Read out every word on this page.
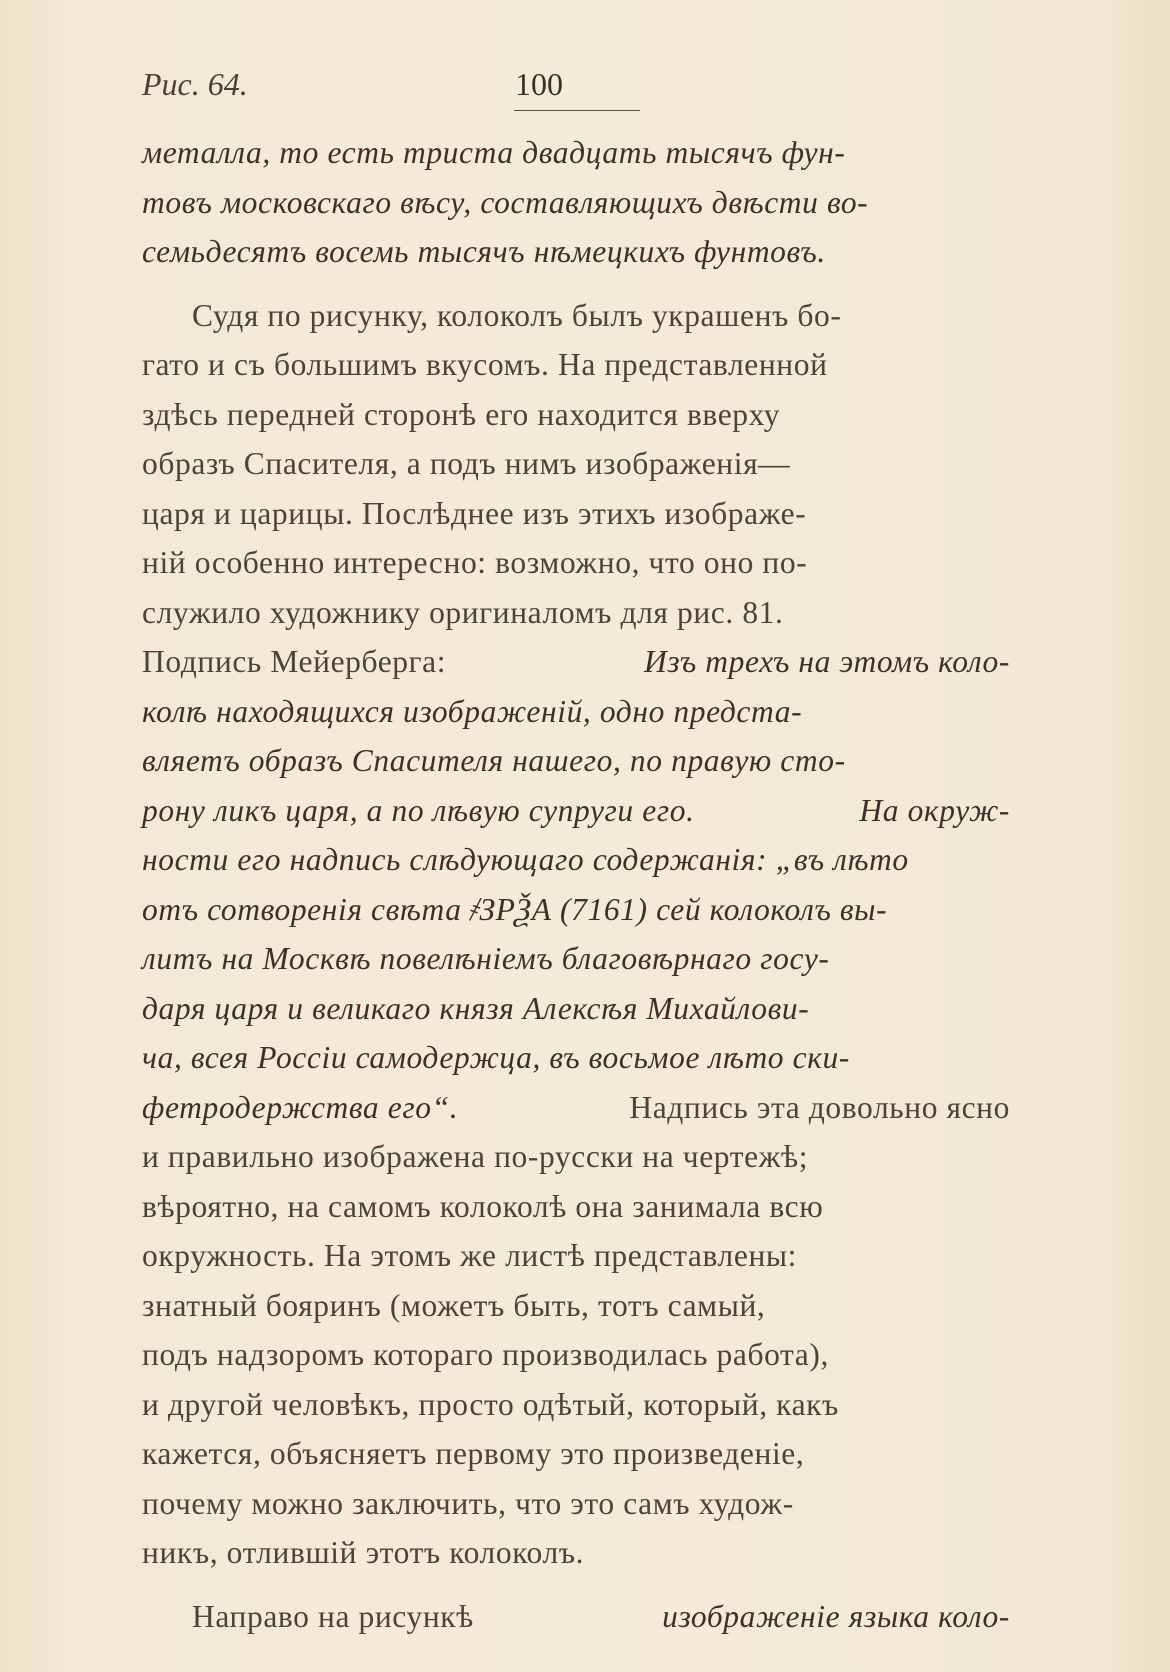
Рис. 64.	100
металла, то есть триста двадцать тысячъ фун-
товъ московскаго вѣсу, составляющихъ двѣсти во-
семьдесятъ восемь тысячъ нѣмецкихъ фунтовъ.
Судя по рисунку, колоколъ былъ украшенъ бо-
гато и съ большимъ вкусомъ. На представленной
здѣсь передней сторонѣ его находится вверху
образъ Спасителя, а подъ нимъ изображенія—
царя и царицы. Послѣднее изъ этихъ изображе-
ній особенно интересно: возможно, что оно по-
служило художнику оригиналомъ для рис. 81.
Подпись Мейерберга:	Изъ трехъ на этомъ коло-
колѣ находящихся изображеній, одно предста-
вляетъ образъ Спасителя нашего, по правую сто-
рону ликъ царя, а по лѣвую супруги его.	На окруж-
ности его надпись слѣдующаго содержанія: „въ лѣто
отъ сотворенія свѣта ҂ЗРѮА (7161) сей колоколъ вы-
литъ на Москвѣ повелѣніемъ благовѣрнаго госу-
даря царя и великаго князя Алексѣя Михайлови-
ча, всея Россіи самодержца, въ восьмое лѣто ски-
фетродержства его“.	Надпись эта довольно ясно
и правильно изображена по-русски на чертежѣ;
вѣроятно, на самомъ колоколѣ она занимала всю
окружность. На этомъ же листѣ представлены:
знатный бояринъ (можетъ быть, тотъ самый,
подъ надзоромъ котораго производилась работа),
и другой человѣкъ, просто одѣтый, который, какъ
кажется, объясняетъ первому это произведеніе,
почему можно заключить, что это самъ худож-
никъ, отлившій этотъ колоколъ.
Направо на рисункѣ	изображеніе языка коло-
